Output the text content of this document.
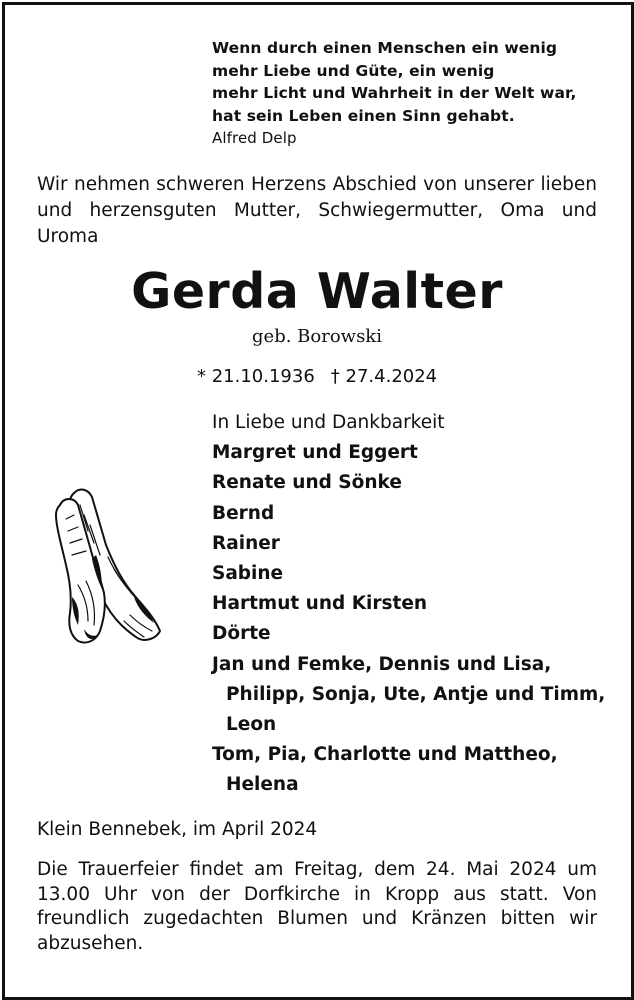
Wenn durch einen Menschen ein wenig
mehr Liebe und Güte, ein wenig
mehr Licht und Wahrheit in der Welt war,
hat sein Leben einen Sinn gehabt.
Alfred Delp
Wir nehmen schweren Herzens Abschied von unserer lieben und herzensguten Mutter, Schwiegermutter, Oma und Uroma
Gerda Walter
geb. Borowski
* 21.10.1936 † 27.4.2024
In Liebe und Dankbarkeit
Margret und Eggert
Renate und Sönke
Bernd
Rainer
Sabine
Hartmut und Kirsten
Dörte
Jan und Femke, Dennis und Lisa,
Philipp, Sonja, Ute, Antje und Timm,
Leon
Tom, Pia, Charlotte und Mattheo,
Helena
Klein Bennebek, im April 2024
Die Trauerfeier findet am Freitag, dem 24. Mai 2024 um 13.00 Uhr von der Dorfkirche in Kropp aus statt. Von freundlich zugedachten Blumen und Kränzen bitten wir abzusehen.
